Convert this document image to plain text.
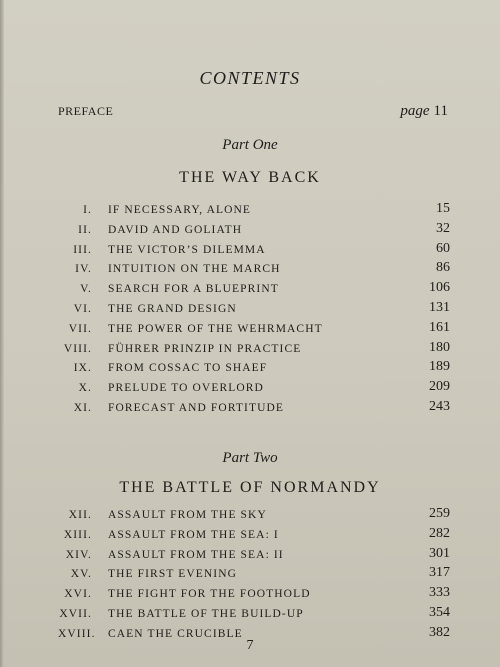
CONTENTS
PREFACE	page 11
Part One
THE WAY BACK
I. IF NECESSARY, ALONE	15
II. DAVID AND GOLIATH	32
III. THE VICTOR’S DILEMMA	60
IV. INTUITION ON THE MARCH	86
V. SEARCH FOR A BLUEPRINT	106
VI. THE GRAND DESIGN	131
VII. THE POWER OF THE WEHRMACHT	161
VIII. FÜHRER PRINZIP IN PRACTICE	180
IX. FROM COSSAC TO SHAEF	189
X. PRELUDE TO OVERLORD	209
XI. FORECAST AND FORTITUDE	243
Part Two
THE BATTLE OF NORMANDY
XII. ASSAULT FROM THE SKY	259
XIII. ASSAULT FROM THE SEA: I	282
XIV. ASSAULT FROM THE SEA: II	301
XV. THE FIRST EVENING	317
XVI. THE FIGHT FOR THE FOOTHOLD	333
XVII. THE BATTLE OF THE BUILD-UP	354
XVIII. CAEN THE CRUCIBLE	382
7
